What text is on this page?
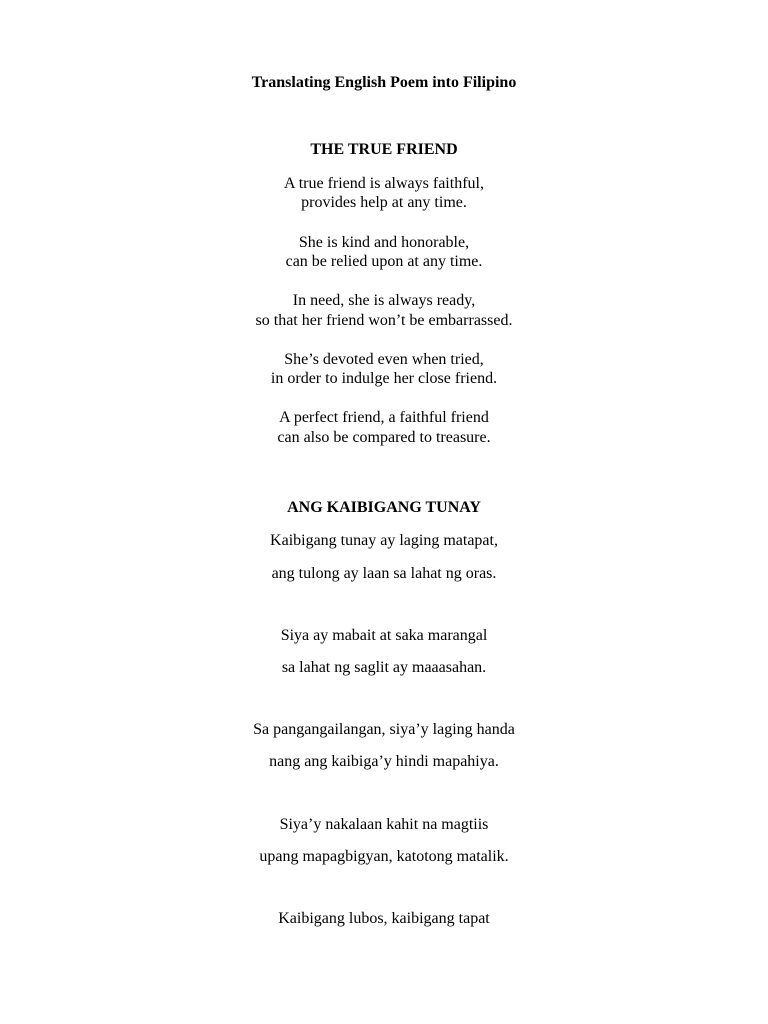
Translating English Poem into Filipino
THE TRUE FRIEND
A true friend is always faithful,
provides help at any time.
She is kind and honorable,
can be relied upon at any time.
In need, she is always ready,
so that her friend won’t be embarrassed.
She’s devoted even when tried,
in order to indulge her close friend.
A perfect friend, a faithful friend
can also be compared to treasure.
ANG KAIBIGANG TUNAY
Kaibigang tunay ay laging matapat,
ang tulong ay laan sa lahat ng oras.
Siya ay mabait at saka marangal
sa lahat ng saglit ay maaasahan.
Sa pangangailangan, siya’y laging handa
nang ang kaibiga’y hindi mapahiya.
Siya’y nakalaan kahit na magtiis
upang mapagbigyan, katotong matalik.
Kaibigang lubos, kaibigang tapat
